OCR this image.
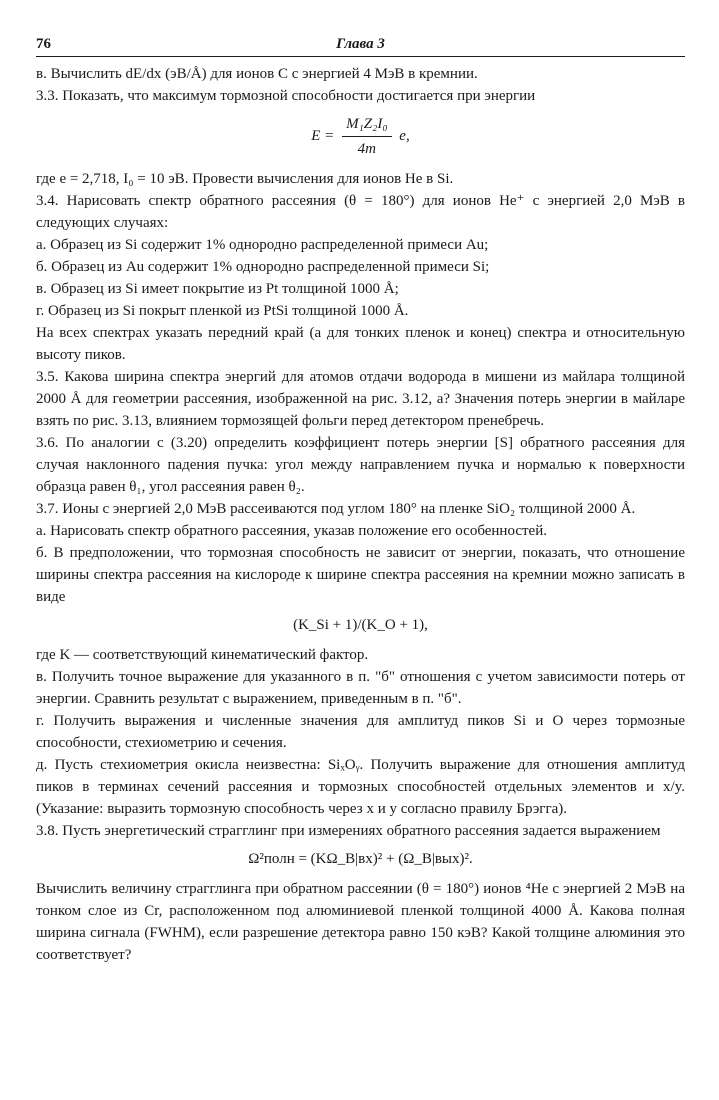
76	Глава 3

в. Вычислить dE/dx (эВ/Å) для ионов C с энергией 4 МэВ в кремнии.

3.3. Показать, что максимум тормозной способности достигается при энергии

$E = \frac{\text{M₁Z₂I₀}}{4m} e$,

где e = 2,718, I₀ = 10 эВ. Провести вычисления для ионов He в Si.

3.4. Нарисовать спектр обратного рассеяния (θ = 180°) для ионов He⁺ с энергией 2,0 МэВ в следующих случаях:

а. Образец из Si содержит 1% однородно распределенной примеси Au;

б. Образец из Au содержит 1% однородно распределенной примеси Si;

в. Образец из Si имеет покрытие из Pt толщиной 1000 Å;

г. Образец из Si покрыт пленкой из PtSi толщиной 1000 Å.

На всех спектрах указать передний край (а для тонких пленок и конец) спектра и относительную высоту пиков.

3.5. Какова ширина спектра энергий для атомов отдачи водорода в мишени из майлара толщиной 2000 Å для геометрии рассеяния, изображенной на рис. 3.12, а? Значения потерь энергии в майларе взять по рис. 3.13, влиянием тормозящей фольги перед детектором пренебречь.

3.6. По аналогии с (3.20) определить коэффициент потерь энергии [S] обратного рассеяния для случая наклонного падения пучка: угол между направлением пучка и нормалью к поверхности образца равен θ₁, угол рассеяния равен θ₂.

3.7. Ионы с энергией 2,0 МэВ рассеиваются под углом 180° на пленке SiO₂ толщиной 2000 Å.

а. Нарисовать спектр обратного рассеяния, указав положение его особенностей.

б. В предположении, что тормозная способность не зависит от энергии, показать, что отношение ширины спектра рассеяния на кислороде к ширине спектра рассеяния на кремнии можно записать в виде

(K_Si + 1)/(K_O + 1),

где K — соответствующий кинематический фактор.

в. Получить точное выражение для указанного в п. "б" отношения с учетом зависимости потерь от энергии. Сравнить результат с выражением, приведенным в п. "б".

г. Получить выражения и численные значения для амплитуд пиков Si и O через тормозные способности, стехиометрию и сечения.

д. Пусть стехиометрия окисла неизвестна: SiₓOᵧ. Получить выражение для отношения амплитуд пиков в терминах сечений рассеяния и тормозных способностей отдельных элементов и x/y. (Указание: выразить тормозную способность через x и y согласно правилу Брэгга).

3.8. Пусть энергетический страгглинг при измерениях обратного рассеяния задается выражением

Ω²полн = (KΩ_B|вх)² + (Ω_B|вых)².

Вычислить величину страгглинга при обратном рассеянии (θ = 180°) ионов ⁴He с энергией 2 МэВ на тонком слое из Cr, расположенном под алюминиевой пленкой толщиной 4000 Å. Какова полная ширина сигнала (FWHM), если разрешение детектора равно 150 кэВ? Какой толщине алюминия это соответствует?
